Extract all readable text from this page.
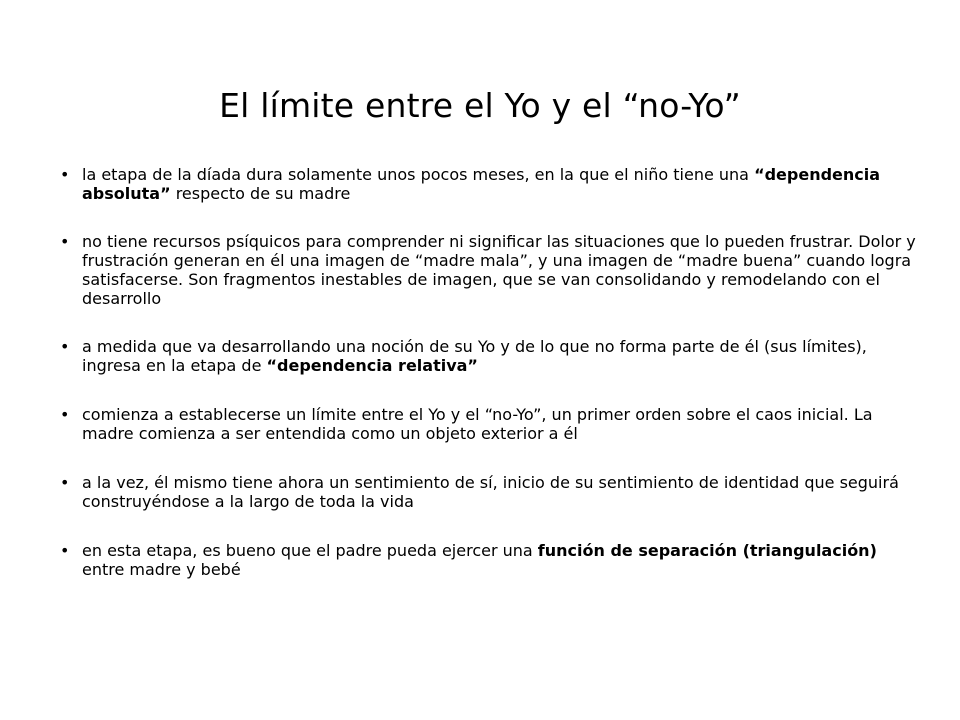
El límite entre el Yo y el “no-Yo”
• la etapa de la díada dura solamente unos pocos meses, en la que el niño tiene una “dependencia absoluta” respecto de su madre
• no tiene recursos psíquicos para comprender ni significar las situaciones que lo pueden frustrar. Dolor y frustración generan en él una imagen de “madre mala”, y una imagen de “madre buena” cuando logra satisfacerse. Son fragmentos inestables de imagen, que se van consolidando y remodelando con el desarrollo
• a medida que va desarrollando una noción de su Yo y de lo que no forma parte de él (sus límites), ingresa en la etapa de “dependencia relativa”
• comienza a establecerse un límite entre el Yo y el “no-Yo”, un primer orden sobre el caos inicial. La madre comienza a ser entendida como un objeto exterior a él
• a la vez, él mismo tiene ahora un sentimiento de sí, inicio de su sentimiento de identidad que seguirá construyéndose a la largo de toda la vida
• en esta etapa, es bueno que el padre pueda ejercer una función de separación (triangulación) entre madre y bebé
